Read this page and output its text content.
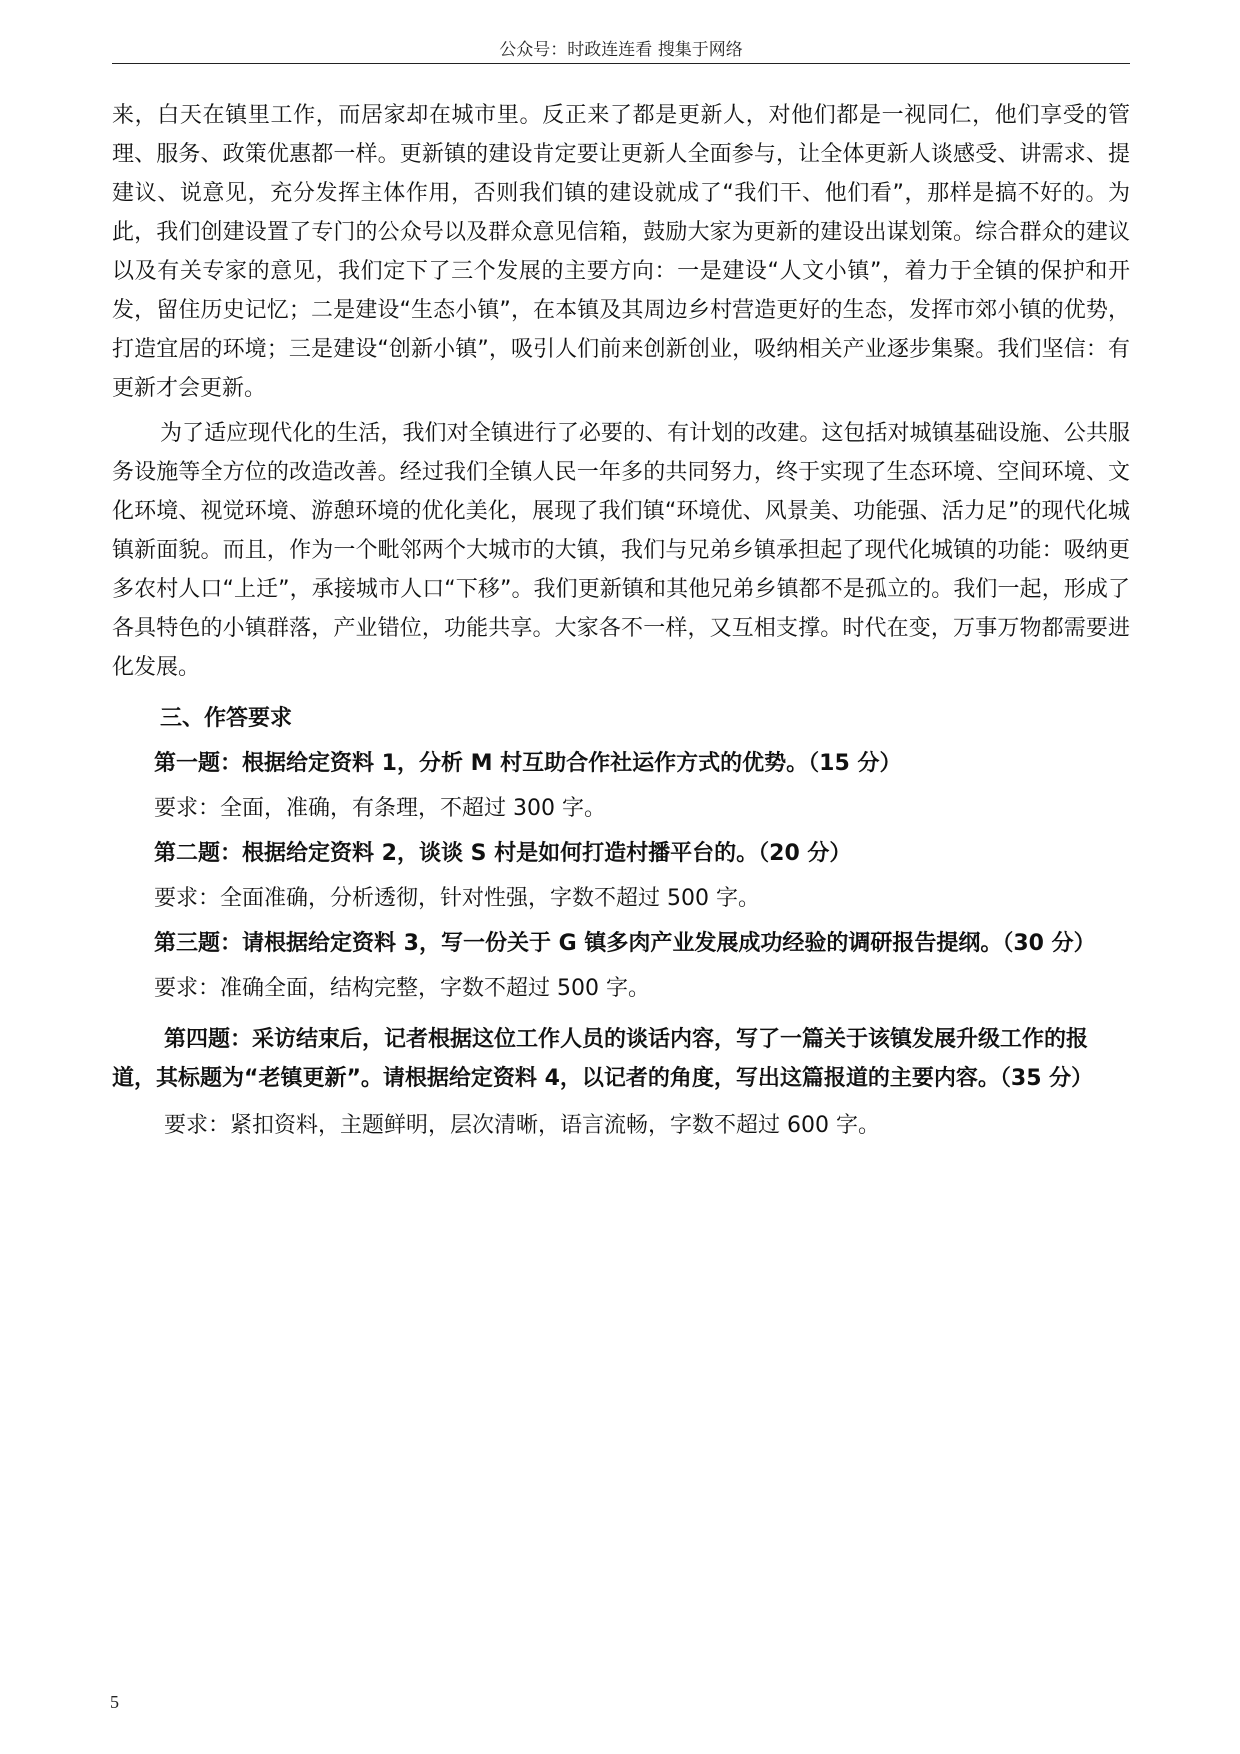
公众号：时政连连看 搜集于网络

来，白天在镇里工作，而居家却在城市里。反正来了都是更新人，对他们都是一视同仁，他们享受的管理、服务、政策优惠都一样。更新镇的建设肯定要让更新人全面参与，让全体更新人谈感受、讲需求、提建议、说意见，充分发挥主体作用，否则我们镇的建设就成了“我们干、他们看”，那样是搞不好的。为此，我们创建设置了专门的公众号以及群众意见信箱，鼓励大家为更新的建设出谋划策。综合群众的建议以及有关专家的意见，我们定下了三个发展的主要方向：一是建设“人文小镇”，着力于全镇的保护和开发，留住历史记忆；二是建设“生态小镇”，在本镇及其周边乡村营造更好的生态，发挥市郊小镇的优势，打造宜居的环境；三是建设“创新小镇”，吸引人们前来创新创业，吸纳相关产业逐步集聚。我们坚信：有更新才会更新。

为了适应现代化的生活，我们对全镇进行了必要的、有计划的改建。这包括对城镇基础设施、公共服务设施等全方位的改造改善。经过我们全镇人民一年多的共同努力，终于实现了生态环境、空间环境、文化环境、视觉环境、游憩环境的优化美化，展现了我们镇“环境优、风景美、功能强、活力足”的现代化城镇新面貌。而且，作为一个毗邻两个大城市的大镇，我们与兄弟乡镇承担起了现代化城镇的功能：吸纳更多农村人口“上迁”，承接城市人口“下移”。我们更新镇和其他兄弟乡镇都不是孤立的。我们一起，形成了各具特色的小镇群落，产业错位，功能共享。大家各不一样，又互相支撑。时代在变，万事万物都需要进化发展。

三、作答要求
第一题：根据给定资料 1，分析 M 村互助合作社运作方式的优势。（15 分）
要求：全面，准确，有条理，不超过 300 字。
第二题：根据给定资料 2，谈谈 S 村是如何打造村播平台的。（20 分）
要求：全面准确，分析透彻，针对性强，字数不超过 500 字。
第三题：请根据给定资料 3，写一份关于 G 镇多肉产业发展成功经验的调研报告提纲。（30 分）
要求：准确全面，结构完整，字数不超过 500 字。
第四题：采访结束后，记者根据这位工作人员的谈话内容，写了一篇关于该镇发展升级工作的报道，其标题为“老镇更新”。请根据给定资料 4，以记者的角度，写出这篇报道的主要内容。（35 分）
要求：紧扣资料，主题鲜明，层次清晰，语言流畅，字数不超过 600 字。
5
